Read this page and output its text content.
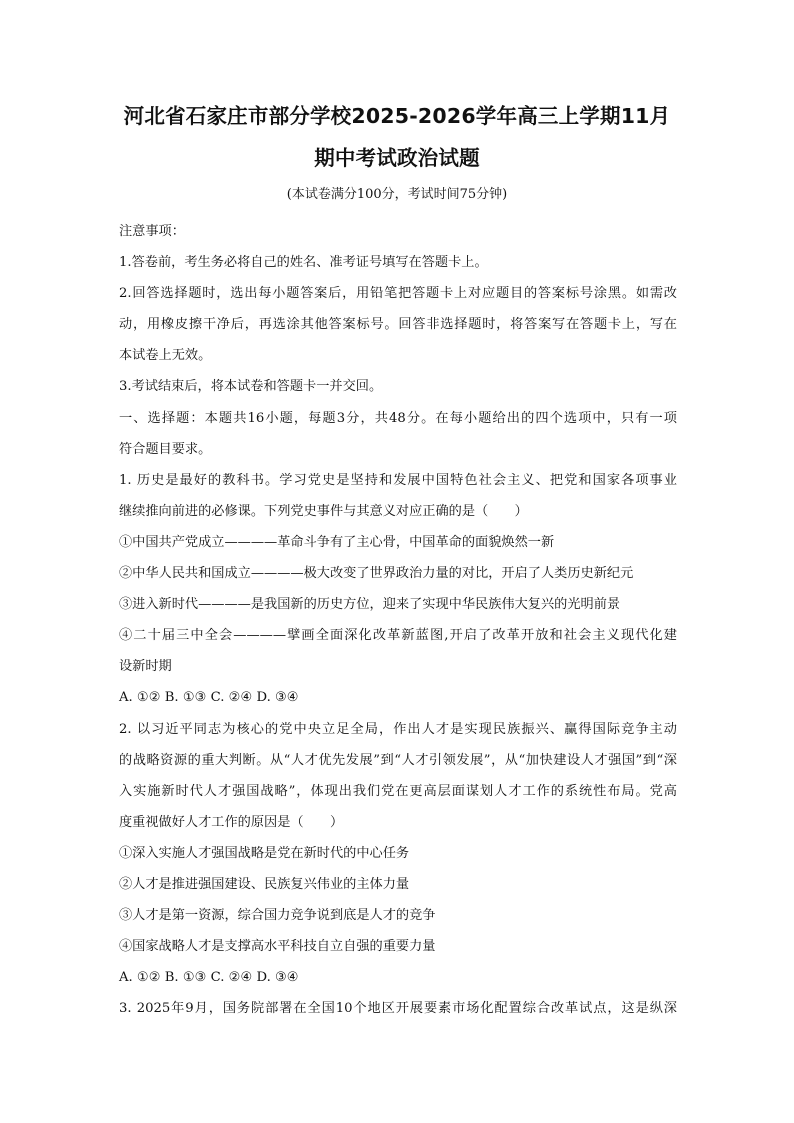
河北省石家庄市部分学校2025-2026学年高三上学期11月
期中考试政治试题
(本试卷满分100分，考试时间75分钟)
注意事项：
1.答卷前，考生务必将自己的姓名、准考证号填写在答题卡上。
2.回答选择题时，选出每小题答案后，用铅笔把答题卡上对应题目的答案标号涂黑。如需改
动，用橡皮擦干净后，再选涂其他答案标号。回答非选择题时，将答案写在答题卡上，写在
本试卷上无效。
3.考试结束后，将本试卷和答题卡一并交回。
一、选择题：本题共16小题，每题3分，共48分。在每小题给出的四个选项中，只有一项
符合题目要求。
1. 历史是最好的教科书。学习党史是坚持和发展中国特色社会主义、把党和国家各项事业
继续推向前进的必修课。下列党史事件与其意义对应正确的是（　　）
①中国共产党成立————革命斗争有了主心骨，中国革命的面貌焕然一新
②中华人民共和国成立————极大改变了世界政治力量的对比，开启了人类历史新纪元
③进入新时代————是我国新的历史方位，迎来了实现中华民族伟大复兴的光明前景
④二十届三中全会————擘画全面深化改革新蓝图,开启了改革开放和社会主义现代化建
设新时期
A. ①② B. ①③ C. ②④ D. ③④
2. 以习近平同志为核心的党中央立足全局，作出人才是实现民族振兴、赢得国际竞争主动
的战略资源的重大判断。从“人才优先发展”到“人才引领发展”，从“加快建设人才强国”到“深
入实施新时代人才强国战略”，体现出我们党在更高层面谋划人才工作的系统性布局。党高
度重视做好人才工作的原因是（　　）
①深入实施人才强国战略是党在新时代的中心任务
②人才是推进强国建设、民族复兴伟业的主体力量
③人才是第一资源，综合国力竞争说到底是人才的竞争
④国家战略人才是支撑高水平科技自立自强的重要力量
A. ①② B. ①③ C. ②④ D. ③④
3. 2025年9月，国务院部署在全国10个地区开展要素市场化配置综合改革试点，这是纵深
